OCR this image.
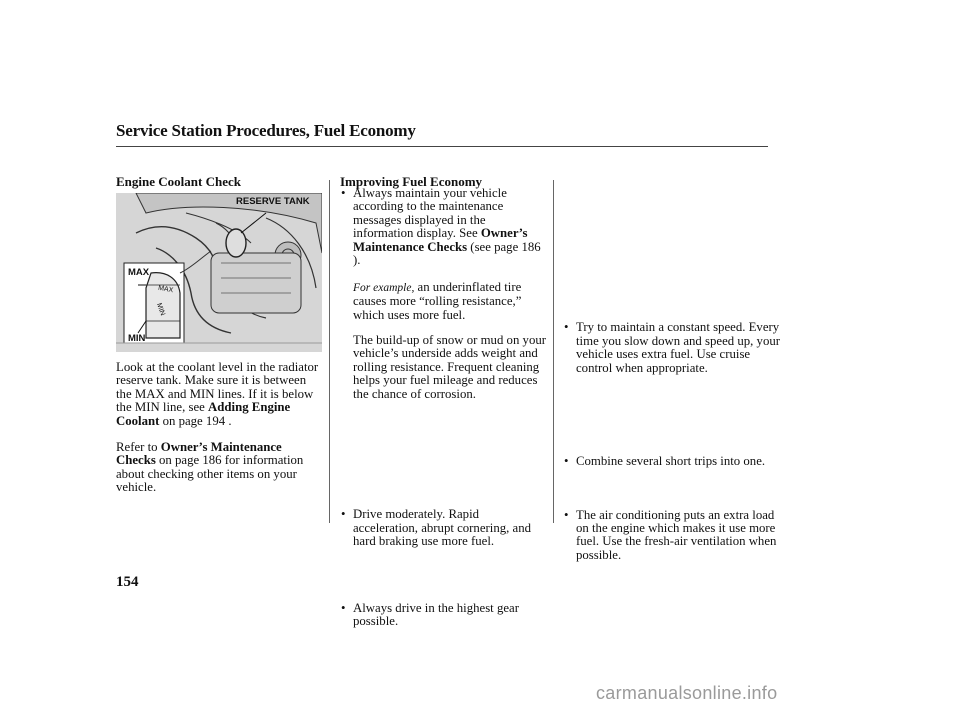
Service Station Procedures, Fuel Economy
Engine Coolant Check
RESERVE TANK
MAX
MIN
MAX
MIN
Look at the coolant level in the radiator reserve tank. Make sure it is between the MAX and MIN lines. If it is below the MIN line, see Adding Engine Coolant on page 194 .
Refer to Owner’s Maintenance Checks on page 186 for information about checking other items on your vehicle.
Improving Fuel Economy
• Always maintain your vehicle according to the maintenance messages displayed in the information display. See Owner’s Maintenance Checks (see page 186 ).
For example, an underinflated tire causes more “rolling resistance,” which uses more fuel.
The build-up of snow or mud on your vehicle’s underside adds weight and rolling resistance. Frequent cleaning helps your fuel mileage and reduces the chance of corrosion.
• Drive moderately. Rapid acceleration, abrupt cornering, and hard braking use more fuel.
• Always drive in the highest gear possible.
• Try to maintain a constant speed. Every time you slow down and speed up, your vehicle uses extra fuel. Use cruise control when appropriate.
• Combine several short trips into one.
• The air conditioning puts an extra load on the engine which makes it use more fuel. Use the fresh-air ventilation when possible.
154
carmanualsonline.info
